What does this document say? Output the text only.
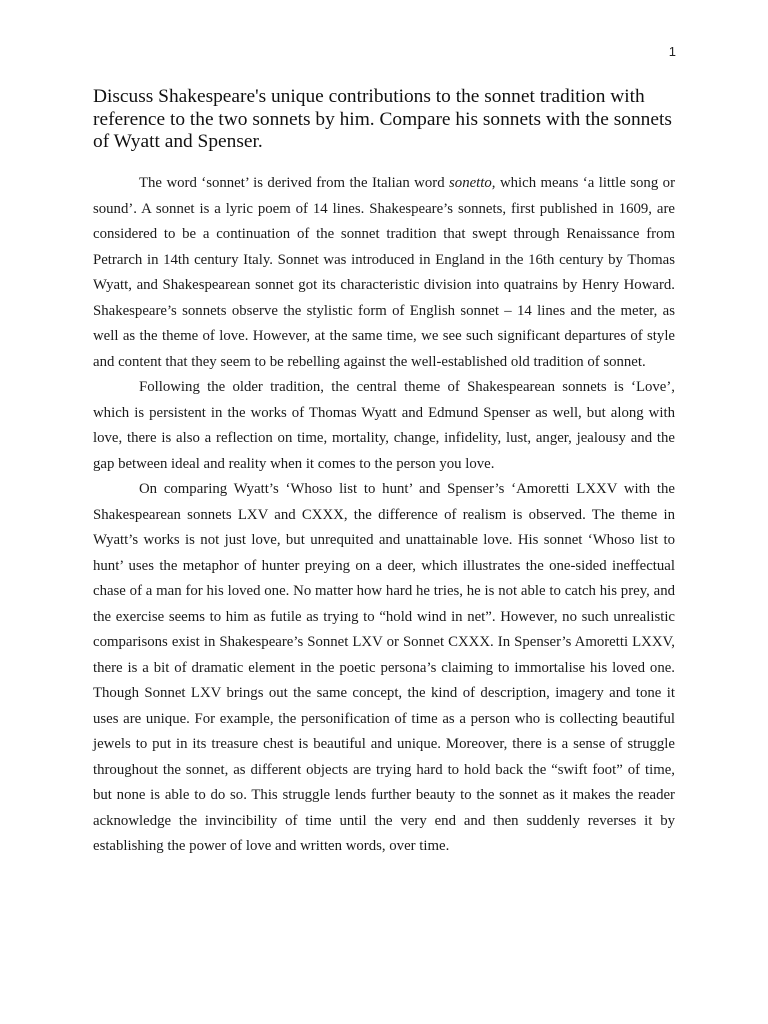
1
Discuss Shakespeare's unique contributions to the sonnet tradition with reference to the two sonnets by him. Compare his sonnets with the sonnets of Wyatt and Spenser.

The word ‘sonnet’ is derived from the Italian word sonetto, which means ‘a little song or sound’. A sonnet is a lyric poem of 14 lines. Shakespeare’s sonnets, first published in 1609, are considered to be a continuation of the sonnet tradition that swept through Renaissance from Petrarch in 14th century Italy. Sonnet was introduced in England in the 16th century by Thomas Wyatt, and Shakespearean sonnet got its characteristic division into quatrains by Henry Howard. Shakespeare’s sonnets observe the stylistic form of English sonnet – 14 lines and the meter, as well as the theme of love. However, at the same time, we see such significant departures of style and content that they seem to be rebelling against the well-established old tradition of sonnet.

Following the older tradition, the central theme of Shakespearean sonnets is ‘Love’, which is persistent in the works of Thomas Wyatt and Edmund Spenser as well, but along with love, there is also a reflection on time, mortality, change, infidelity, lust, anger, jealousy and the gap between ideal and reality when it comes to the person you love.

On comparing Wyatt’s ‘Whoso list to hunt’ and Spenser’s ‘Amoretti LXXV with the Shakespearean sonnets LXV and CXXX, the difference of realism is observed. The theme in Wyatt’s works is not just love, but unrequited and unattainable love. His sonnet ‘Whoso list to hunt’ uses the metaphor of hunter preying on a deer, which illustrates the one-sided ineffectual chase of a man for his loved one. No matter how hard he tries, he is not able to catch his prey, and the exercise seems to him as futile as trying to “hold wind in net”. However, no such unrealistic comparisons exist in Shakespeare’s Sonnet LXV or Sonnet CXXX. In Spenser’s Amoretti LXXV, there is a bit of dramatic element in the poetic persona’s claiming to immortalise his loved one. Though Sonnet LXV brings out the same concept, the kind of description, imagery and tone it uses are unique. For example, the personification of time as a person who is collecting beautiful jewels to put in its treasure chest is beautiful and unique. Moreover, there is a sense of struggle throughout the sonnet, as different objects are trying hard to hold back the “swift foot” of time, but none is able to do so. This struggle lends further beauty to the sonnet as it makes the reader acknowledge the invincibility of time until the very end and then suddenly reverses it by establishing the power of love and written words, over time.
